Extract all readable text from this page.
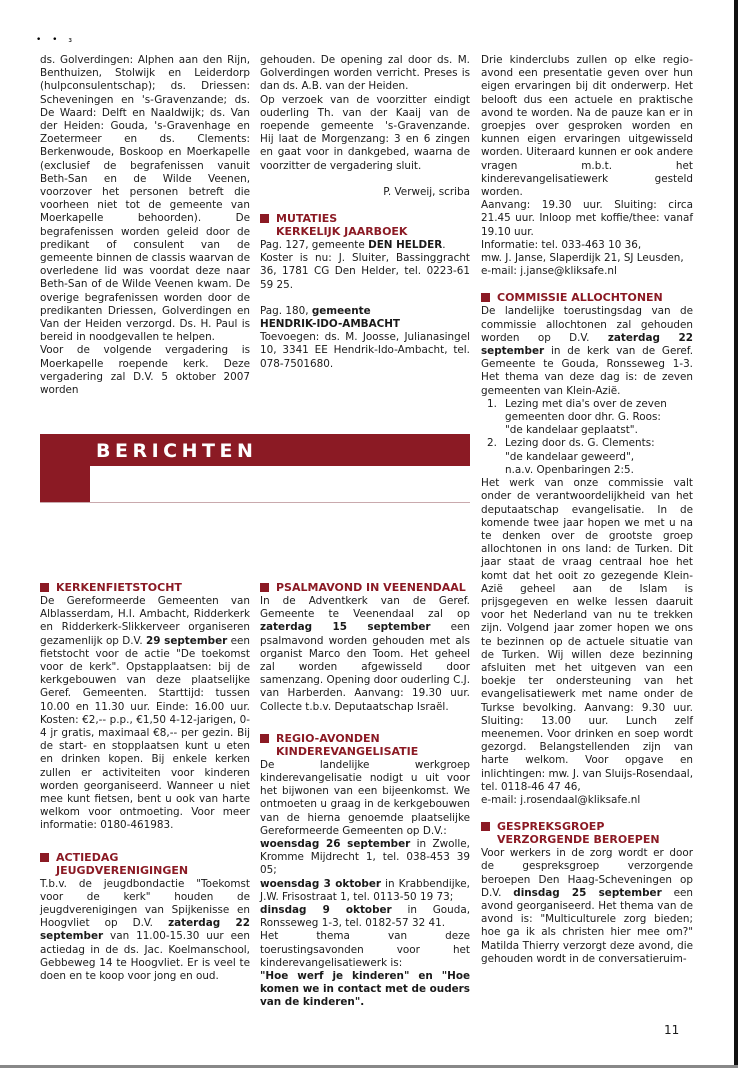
• • ₃

ds. Golverdingen: Alphen aan den Rijn, Benthuizen, Stolwijk en Leiderdorp (hulpconsulentschap); ds. Driessen: Scheveningen en 's-Gravenzande; ds. De Waard: Delft en Naaldwijk; ds. Van der Heiden: Gouda, 's-Gravenhage en Zoetermeer en ds. Clements: Berkenwoude, Boskoop en Moerkapelle (exclusief de begrafenissen vanuit Beth-San en de Wilde Veenen, voorzover het personen betreft die voorheen niet tot de gemeente van Moerkapelle behoorden). De begrafenissen worden geleid door de predikant of consulent van de gemeente binnen de classis waarvan de overledene lid was voordat deze naar Beth-San of de Wilde Veenen kwam. De overige begrafenissen worden door de predikanten Driessen, Golverdingen en Van der Heiden verzorgd. Ds. H. Paul is bereid in noodgevallen te helpen.

Voor de volgende vergadering is Moerkapelle roepende kerk. Deze vergadering zal D.V. 5 oktober 2007 worden

gehouden. De opening zal door ds. M. Golverdingen worden verricht. Preses is dan ds. A.B. van der Heiden.

Op verzoek van de voorzitter eindigt ouderling Th. van der Kaaij van de roepende gemeente 's-Gravenzande. Hij laat de Morgenzang: 3 en 6 zingen en gaat voor in dankgebed, waarna de voorzitter de vergadering sluit.

P. Verweij, scriba

MUTATIES
KERKELIJK JAARBOEK

Pag. 127, gemeente DEN HELDER.

Koster is nu: J. Sluiter, Bassinggracht 36, 1781 CG Den Helder, tel. 0223-61 59 25.

Pag. 180, gemeente

HENDRIK-IDO-AMBACHT

Toevoegen: ds. M. Joosse, Julianasingel 10, 3341 EE Hendrik-Ido-Ambacht, tel. 078-7501680.

BERICHTEN

Drie kinderclubs zullen op elke regio-avond een presentatie geven over hun eigen ervaringen bij dit onderwerp. Het belooft dus een actuele en praktische avond te worden. Na de pauze kan er in groepjes over gesproken worden en kunnen eigen ervaringen uitgewisseld worden. Uiteraard kunnen er ook andere vragen m.b.t. het kinderevangelisatiewerk gesteld worden.

Aanvang: 19.30 uur. Sluiting: circa 21.45 uur. Inloop met koffie/thee: vanaf 19.10 uur.

Informatie: tel. 033-463 10 36,

mw. J. Janse, Slaperdijk 21, SJ Leusden,

e-mail: j.janse@kliksafe.nl

COMMISSIE ALLOCHTONEN

De landelijke toerustingsdag van de commissie allochtonen zal gehouden worden op D.V. zaterdag 22 september in de kerk van de Geref. Gemeente te Gouda, Ronsseweg 1-3. Het thema van deze dag is: de zeven gemeenten van Klein-Azië.

1. Lezing met dia's over de zeven
gemeenten door dhr. G. Roos:
"de kandelaar geplaatst".
2. Lezing door ds. G. Clements:
"de kandelaar geweerd",
n.a.v. Openbaringen 2:5.

Het werk van onze commissie valt onder de verantwoordelijkheid van het deputaatschap evangelisatie. In de komende twee jaar hopen we met u na te denken over de grootste groep allochtonen in ons land: de Turken. Dit jaar staat de vraag centraal hoe het komt dat het ooit zo gezegende Klein-Azië geheel aan de Islam is prijsgegeven en welke lessen daaruit voor het Nederland van nu te trekken zijn. Volgend jaar zomer hopen we ons te bezinnen op de actuele situatie van de Turken. Wij willen deze bezinning afsluiten met het uitgeven van een boekje ter ondersteuning van het evangelisatiewerk met name onder de Turkse bevolking. Aanvang: 9.30 uur. Sluiting: 13.00 uur. Lunch zelf meenemen. Voor drinken en soep wordt gezorgd. Belangstellenden zijn van harte welkom. Voor opgave en inlichtingen: mw. J. van Sluijs-Rosendaal, tel. 0118-46 47 46,

e-mail: j.rosendaal@kliksafe.nl

GESPREKSGROEP
VERZORGENDE BEROEPEN

Voor werkers in de zorg wordt er door de gespreksgroep verzorgende beroepen Den Haag-Scheveningen op D.V. dinsdag 25 september een avond georganiseerd. Het thema van de avond is: "Multiculturele zorg bieden; hoe ga ik als christen hier mee om?" Matilda Thierry verzorgt deze avond, die gehouden wordt in de conversatieruim-

KERKENFIETSTOCHT

De Gereformeerde Gemeenten van Alblasserdam, H.I. Ambacht, Ridderkerk en Ridderkerk-Slikkerveer organiseren gezamenlijk op D.V. 29 september een fietstocht voor de actie "De toekomst voor de kerk". Opstapplaatsen: bij de kerkgebouwen van deze plaatselijke Geref. Gemeenten. Starttijd: tussen 10.00 en 11.30 uur. Einde: 16.00 uur. Kosten: €2,-- p.p., €1,50 4-12-jarigen, 0-4 jr gratis, maximaal €8,-- per gezin. Bij de start- en stopplaatsen kunt u eten en drinken kopen. Bij enkele kerken zullen er activiteiten voor kinderen worden georganiseerd. Wanneer u niet mee kunt fietsen, bent u ook van harte welkom voor ontmoeting. Voor meer informatie: 0180-461983.

ACTIEDAG
JEUGDVERENIGINGEN

T.b.v. de jeugdbondactie "Toekomst voor de kerk" houden de jeugdverenigingen van Spijkenisse en Hoogvliet op D.V. zaterdag 22 september van 11.00-15.30 uur een actiedag in de ds. Jac. Koelmanschool, Gebbeweg 14 te Hoogvliet. Er is veel te doen en te koop voor jong en oud.

PSALMAVOND IN VEENENDAAL

In de Adventkerk van de Geref. Gemeente te Veenendaal zal op zaterdag 15 september een psalmavond worden gehouden met als organist Marco den Toom. Het geheel zal worden afgewisseld door samenzang. Opening door ouderling C.J. van Harberden. Aanvang: 19.30 uur. Collecte t.b.v. Deputaatschap Israël.

REGIO-AVONDEN
KINDEREVANGELISATIE

De landelijke werkgroep kinderevangelisatie nodigt u uit voor het bijwonen van een bijeenkomst. We ontmoeten u graag in de kerkgebouwen van de hierna genoemde plaatselijke Gereformeerde Gemeenten op D.V.:

woensdag 26 september in Zwolle, Kromme Mijdrecht 1, tel. 038-453 39 05;

woensdag 3 oktober in Krabbendijke, J.W. Frisostraat 1, tel. 0113-50 19 73;

dinsdag 9 oktober in Gouda, Ronsseweg 1-3, tel. 0182-57 32 41.

Het thema van deze toerustingsavonden voor het kinderevangelisatiewerk is:

"Hoe werf je kinderen" en "Hoe komen we in contact met de ouders van de kinderen".

11
